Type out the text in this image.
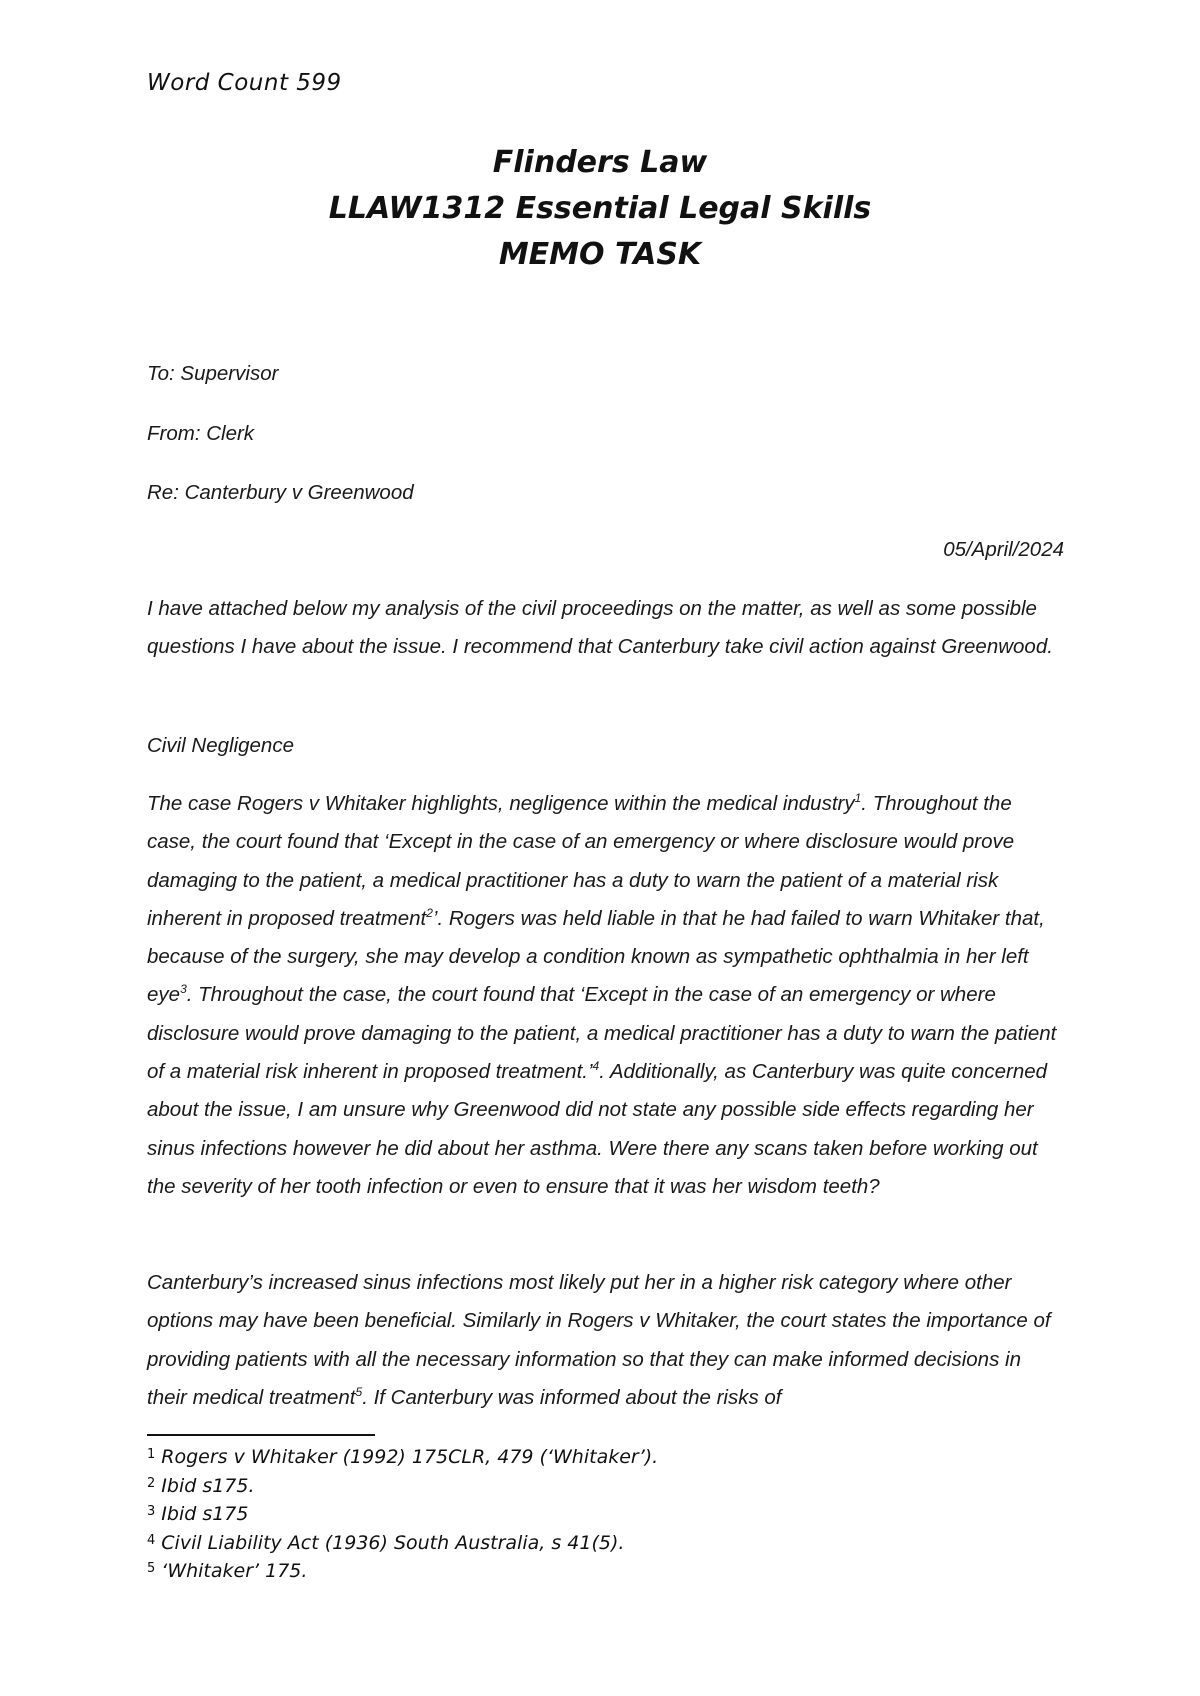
Word Count 599
Flinders Law
LLAW1312 Essential Legal Skills
MEMO TASK
To: Supervisor
From: Clerk
Re: Canterbury v Greenwood
05/April/2024
I have attached below my analysis of the civil proceedings on the matter, as well as some possible questions I have about the issue. I recommend that Canterbury take civil action against Greenwood.
Civil Negligence
The case Rogers v Whitaker highlights, negligence within the medical industry$^1$. Throughout the case, the court found that ‘Except in the case of an emergency or where disclosure would prove damaging to the patient, a medical practitioner has a duty to warn the patient of a material risk inherent in proposed treatment$^2$’. Rogers was held liable in that he had failed to warn Whitaker that, because of the surgery, she may develop a condition known as sympathetic ophthalmia in her left eye$^3$. Throughout the case, the court found that ‘Except in the case of an emergency or where disclosure would prove damaging to the patient, a medical practitioner has a duty to warn the patient of a material risk inherent in proposed treatment.’$^4$. Additionally, as Canterbury was quite concerned about the issue, I am unsure why Greenwood did not state any possible side effects regarding her sinus infections however he did about her asthma. Were there any scans taken before working out the severity of her tooth infection or even to ensure that it was her wisdom teeth?
Canterbury’s increased sinus infections most likely put her in a higher risk category where other options may have been beneficial. Similarly in Rogers v Whitaker, the court states the importance of providing patients with all the necessary information so that they can make informed decisions in their medical treatment$^5$. If Canterbury was informed about the risks of
$^1$ Rogers v Whitaker (1992) 175CLR, 479 (‘Whitaker’).
$^2$ Ibid s175.
$^3$ Ibid s175
$^4$ Civil Liability Act (1936) South Australia, s 41(5).
$^5$ ‘Whitaker’ 175.
